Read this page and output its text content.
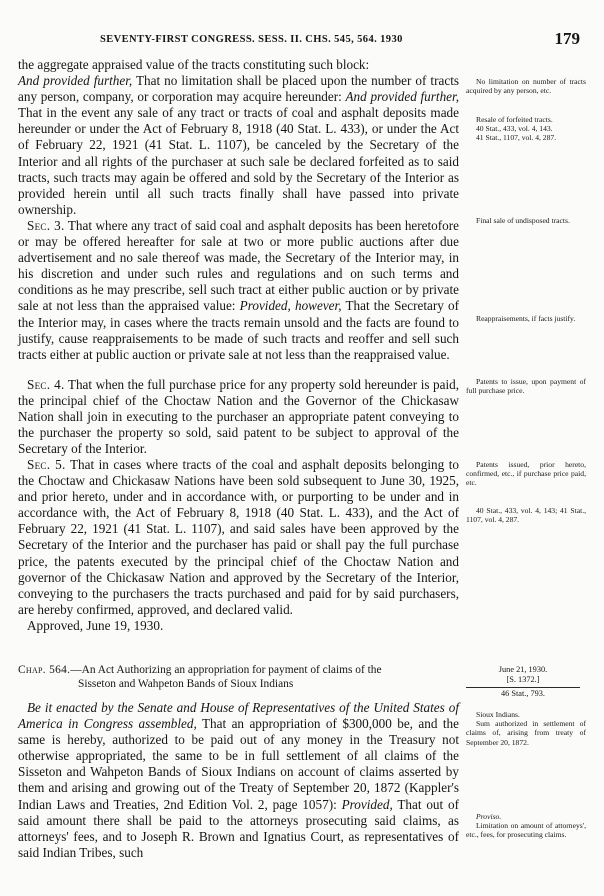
SEVENTY-FIRST CONGRESS. SESS. II. CHS. 545, 564. 1930	179

the aggregate appraised value of the tracts constituting such block:

And provided further, That no limitation shall be placed upon the number of tracts any person, company, or corporation may acquire hereunder: And provided further, That in the event any sale of any tract or tracts of coal and asphalt deposits made hereunder or under the Act of February 8, 1918 (40 Stat. L. 433), or under the Act of February 22, 1921 (41 Stat. L. 1107), be canceled by the Secretary of the Interior and all rights of the purchaser at such sale be declared forfeited as to said tracts, such tracts may again be offered and sold by the Secretary of the Interior as provided herein until all such tracts finally shall have passed into private ownership.

Sec. 3. That where any tract of said coal and asphalt deposits has been heretofore or may be offered hereafter for sale at two or more public auctions after due advertisement and no sale thereof was made, the Secretary of the Interior may, in his discretion and under such rules and regulations and on such terms and conditions as he may prescribe, sell such tract at either public auction or by private sale at not less than the appraised value: Provided, however, That the Secretary of the Interior may, in cases where the tracts remain unsold and the facts are found to justify, cause reappraisements to be made of such tracts and reoffer and sell such tracts either at public auction or private sale at not less than the reappraised value.

Sec. 4. That when the full purchase price for any property sold hereunder is paid, the principal chief of the Choctaw Nation and the Governor of the Chickasaw Nation shall join in executing to the purchaser an appropriate patent conveying to the purchaser the property so sold, said patent to be subject to approval of the Secretary of the Interior.

Sec. 5. That in cases where tracts of the coal and asphalt deposits belonging to the Choctaw and Chickasaw Nations have been sold subsequent to June 30, 1925, and prior hereto, under and in accordance with, or purporting to be under and in accordance with, the Act of February 8, 1918 (40 Stat. L. 433), and the Act of February 22, 1921 (41 Stat. L. 1107), and said sales have been approved by the Secretary of the Interior and the purchaser has paid or shall pay the full purchase price, the patents executed by the principal chief of the Choctaw Nation and governor of the Chickasaw Nation and approved by the Secretary of the Interior, conveying to the purchasers the tracts purchased and paid for by said purchasers, are hereby confirmed, approved, and declared valid.

Approved, June 19, 1930.

Chap. 564.—An Act Authorizing an appropriation for payment of claims of the
Sisseton and Wahpeton Bands of Sioux Indians
June 21, 1930.
[S. 1372.]
46 Stat., 793.

Be it enacted by the Senate and House of Representatives of the United States of America in Congress assembled, That an appropriation of $300,000 be, and the same is hereby, authorized to be paid out of any money in the Treasury not otherwise appropriated, the same to be in full settlement of all claims of the Sisseton and Wahpeton Bands of Sioux Indians on account of claims asserted by them and arising and growing out of the Treaty of September 20, 1872 (Kappler's Indian Laws and Treaties, 2nd Edition Vol. 2, page 1057): Provided, That out of said amount there shall be paid to the attorneys prosecuting said claims, as attorneys' fees, and to Joseph R. Brown and Ignatius Court, as representatives of said Indian Tribes, such

No limitation on number of tracts acquired by any person, etc.

Resale of forfeited tracts.

40 Stat., 433, vol. 4, 143.

41 Stat., 1107, vol. 4, 287.

Final sale of undisposed tracts.

Reappraisements, if facts justify.

Patents to issue, upon payment of full purchase price.

Patents issued, prior hereto, confirmed, etc., if purchase price paid, etc.

40 Stat., 433, vol. 4, 143; 41 Stat., 1107, vol. 4, 287.

Sioux Indians.

Sum authorized in settlement of claims of, arising from treaty of September 20, 1872.

Proviso.

Limitation on amount of attorneys', etc., fees, for prosecuting claims.
